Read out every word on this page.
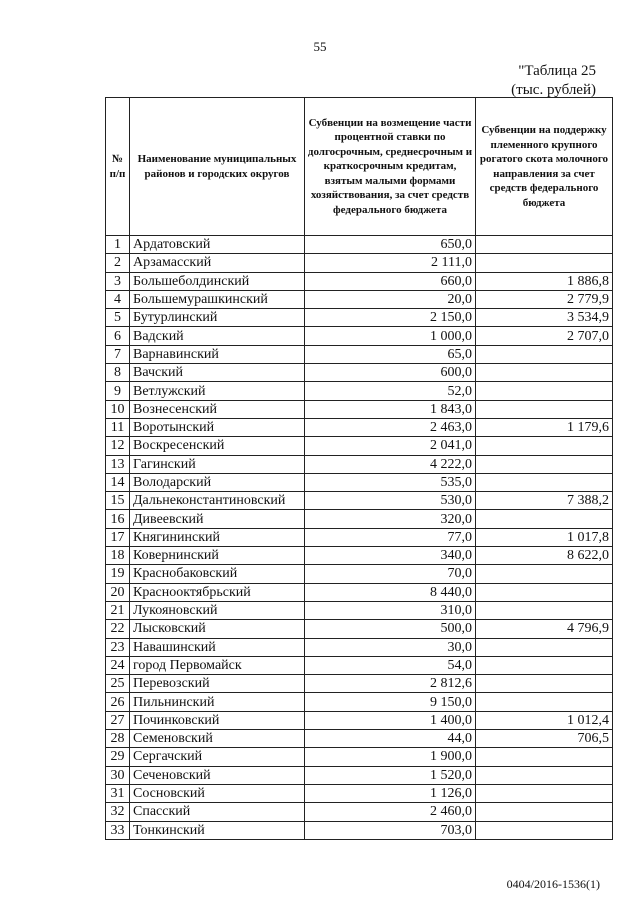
55
"Таблица 25
(тыс. рублей)
№ п/п	Наименование муниципальных районов и городских округов	Субвенции на возмещение части процентной ставки по долгосрочным, среднесрочным и краткосрочным кредитам, взятым малыми формами хозяйствования, за счет средств федерального бюджета	Субвенции на поддержку племенного крупного рогатого скота молочного направления за счет средств федерального бюджета
1	Ардатовский	650,0	
2	Арзамасский	2 111,0	
3	Большеболдинский	660,0	1 886,8
4	Большемурашкинский	20,0	2 779,9
5	Бутурлинский	2 150,0	3 534,9
6	Вадский	1 000,0	2 707,0
7	Варнавинский	65,0	
8	Вачский	600,0	
9	Ветлужский	52,0	
10	Вознесенский	1 843,0	
11	Воротынский	2 463,0	1 179,6
12	Воскресенский	2 041,0	
13	Гагинский	4 222,0	
14	Володарский	535,0	
15	Дальнеконстантиновский	530,0	7 388,2
16	Дивеевский	320,0	
17	Княгининский	77,0	1 017,8
18	Ковернинский	340,0	8 622,0
19	Краснобаковский	70,0	
20	Краснооктябрьский	8 440,0	
21	Лукояновский	310,0	
22	Лысковский	500,0	4 796,9
23	Навашинский	30,0	
24	город Первомайск	54,0	
25	Перевозский	2 812,6	
26	Пильнинский	9 150,0	
27	Починковский	1 400,0	1 012,4
28	Семеновский	44,0	706,5
29	Сергачский	1 900,0	
30	Сеченовский	1 520,0	
31	Сосновский	1 126,0	
32	Спасский	2 460,0	
33	Тонкинский	703,0	
0404/2016-1536(1)
